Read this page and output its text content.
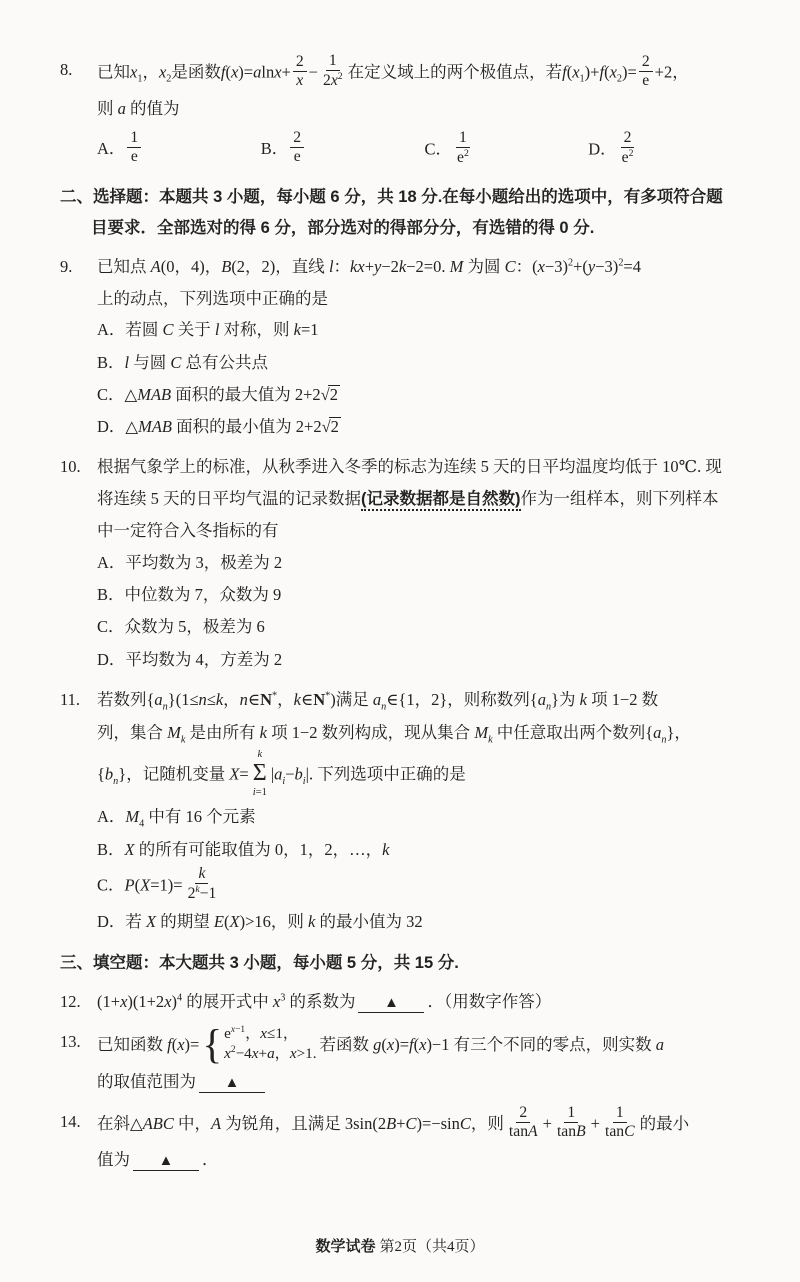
8.	已知$x_1$，$x_2$是函数$f(x)=alnx+ \frac{2}{x} - \frac{1}{2x^2}$ 在定义域上的两个极值点，若$f(x_1)+f(x_2)= \frac{2}{e} +2$，
则 a 的值为
A． $\frac{1}{e}$	B． $\frac{2}{e}$	C． $\frac{1}{e^2}$	D． $\frac{2}{e^2}$
二、选择题：本题共 3 小题，每小题 6 分，共 18 分.在每小题给出的选项中，有多项符合题
目要求．全部选对的得 6 分，部分选对的得部分分，有选错的得 0 分.
9.	已知点 A(0，4)，B(2，2)，直线 l：kx+y−2k−2=0. M 为圆 C：$(x-3)^2+(y-3)^2=4$
上的动点，下列选项中正确的是
A．若圆 C 关于 l 对称，则 k=1
B．l 与圆 C 总有公共点
C．△MAB 面积的最大值为 2+2√2
D．△MAB 面积的最小值为 2+2√2
10. 根据气象学上的标准，从秋季进入冬季的标志为连续 5 天的日平均温度均低于 10℃. 现
将连续 5 天的日平均气温的记录数据(记录数据都是自然数)作为一组样本，则下列样本
中一定符合入冬指标的有
A．平均数为 3，极差为 2
B．中位数为 7，众数为 9
C．众数为 5，极差为 6
D．平均数为 4，方差为 2
11.	若数列$\{a_n\}(1\le n\le k$，n∈N*，k∈N*)满足 $a_n\in\{1$，2}，则称数列$\{a_n\}$为 k 项 1−2 数
列，集合 $M_k$ 是由所有 k 项 1−2 数列构成，现从集合 $M_k$ 中任意取出两个数列$\{a_n\}$，
$\{b_n\}$，记随机变量 X=
k
Σ
i=1
$|a_i-b_i|$. 下列选项中正确的是
A．$M_4$ 中有 16 个元素
B．X 的所有可能取值为 0，1，2，…，k
C．$P(X=1)= \frac{k}{2^k-1}$
D．若 X 的期望 E(X)>16，则 k 的最小值为 32
三、填空题：本大题共 3 小题，每小题 5 分，共 15 分.
12. $(1+x)(1+2x)^4$ 的展开式中 $x^3$ 的系数为 ▲ ．（用数字作答）
13. 已知函数 f(x)= { $e^{x-1}$，x≤1，
$x^2-4x+a$，x>1. 若函数 g(x)=f(x)−1 有三个不同的零点，则实数 a
的取值范围为 ▲
14. 在斜△ABC 中，A 为锐角，且满足 3sin(2B+C)=−sinC，则 $\frac{2}{\tan A} + \frac{1}{\tan B} + \frac{1}{\tan C}$ 的最小
值为 ▲ ．
数学试卷 第2页（共4页）
